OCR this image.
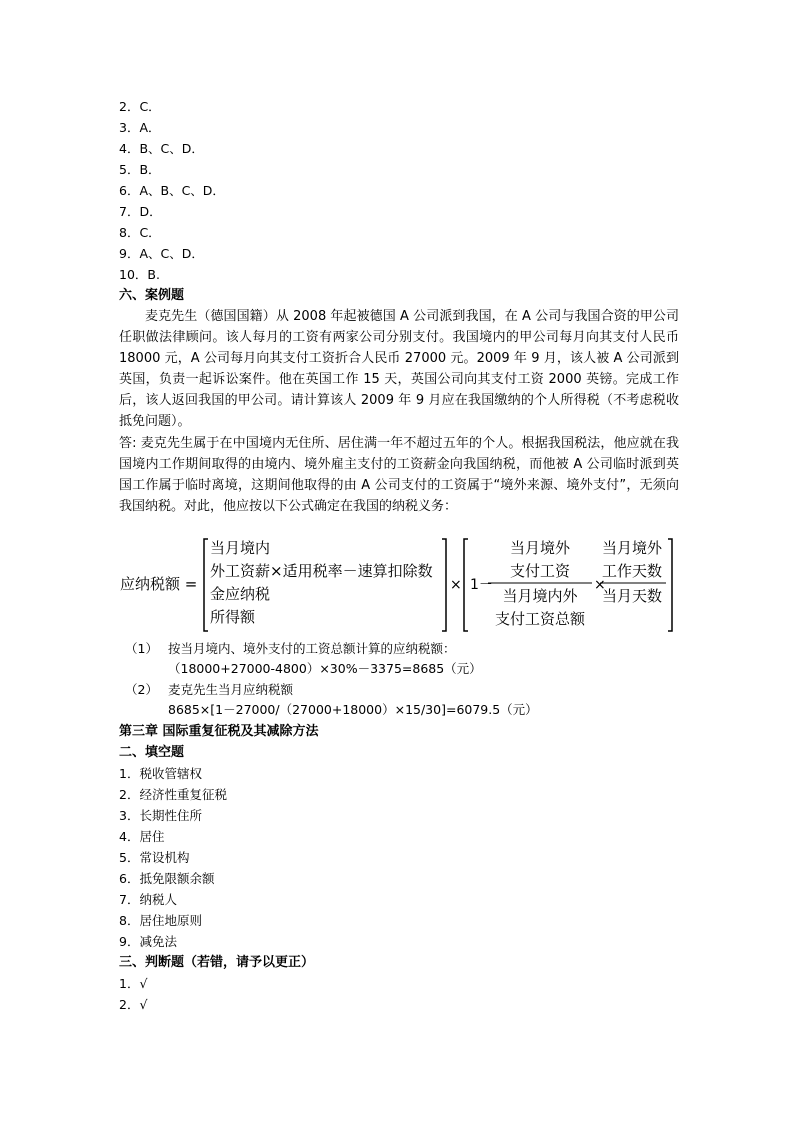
2．C．
3．A．
4．B、C、D．
5．B．
6．A、B、C、D．
7．D．
8．C．
9．A、C、D．
10．B.
六、案例题

麦克先生（德国国籍）从 2008 年起被德国 A 公司派到我国，在 A 公司与我国合资的甲公司任职做法律顾问。该人每月的工资有两家公司分别支付。我国境内的甲公司每月向其支付人民币 18000 元，A 公司每月向其支付工资折合人民币 27000 元。2009 年 9 月，该人被 A 公司派到英国，负责一起诉讼案件。他在英国工作 15 天，英国公司向其支付工资 2000 英镑。完成工作后，该人返回我国的甲公司。请计算该人 2009 年 9 月应在我国缴纳的个人所得税（不考虑税收抵免问题）。

答: 麦克先生属于在中国境内无住所、居住满一年不超过五年的个人。根据我国税法，他应就在我国境内工作期间取得的由境内、境外雇主支付的工资薪金向我国纳税，而他被 A 公司临时派到英国工作属于临时离境，这期间他取得的由 A 公司支付的工资属于“境外来源、境外支付”，无须向我国纳税。对此，他应按以下公式确定在我国的纳税义务：

应纳税额 =
当月境内
外工资薪×适用税率－速算扣除数
金应纳税
所得额
× 1－
当月境外
支付工资
当月境内外
支付工资总额
×
当月境外
工作天数
当月天数
（1） 按当月境内、境外支付的工资总额计算的应纳税额：
（18000+27000-4800）×30%－3375=8685（元）
（2） 麦克先生当月应纳税额
8685×[1－27000/（27000+18000）×15/30]=6079.5（元）
第三章 国际重复征税及其减除方法
二、填空题
1．税收管辖权
2．经济性重复征税
3．长期性住所
4．居住
5．常设机构
6．抵免限额余额
7．纳税人
8．居住地原则
9．减免法
三、判断题（若错，请予以更正）
1．√
2．√
